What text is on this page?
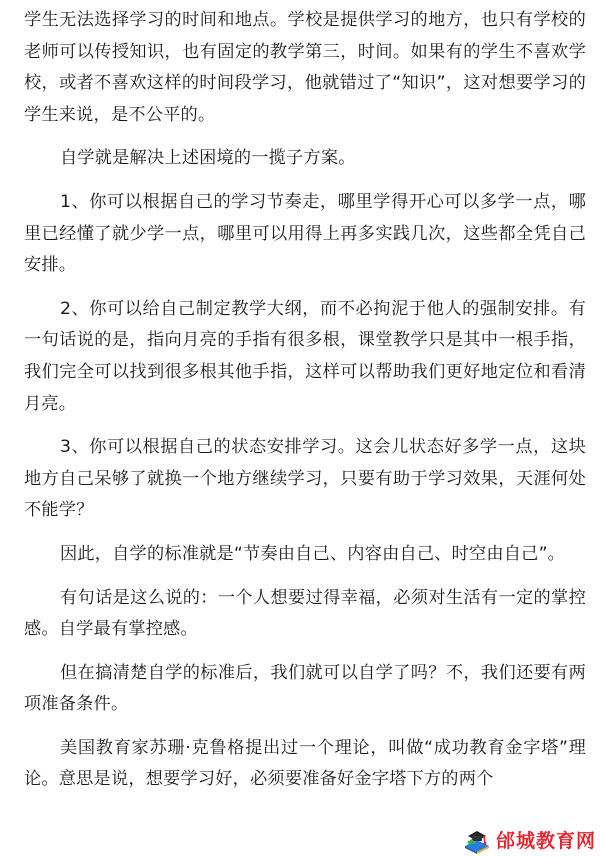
学生无法选择学习的时间和地点。学校是提供学习的地方，也只有学校的老师可以传授知识，也有固定的教学第三，时间。如果有的学生不喜欢学校，或者不喜欢这样的时间段学习，他就错过了“知识”，这对想要学习的学生来说，是不公平的。

自学就是解决上述困境的一揽子方案。

1、你可以根据自己的学习节奏走，哪里学得开心可以多学一点，哪里已经懂了就少学一点，哪里可以用得上再多实践几次，这些都全凭自己安排。

2、你可以给自己制定教学大纲，而不必拘泥于他人的强制安排。有一句话说的是，指向月亮的手指有很多根，课堂教学只是其中一根手指，我们完全可以找到很多根其他手指，这样可以帮助我们更好地定位和看清月亮。

3、你可以根据自己的状态安排学习。这会儿状态好多学一点，这块地方自己呆够了就换一个地方继续学习，只要有助于学习效果，天涯何处不能学？

因此，自学的标准就是“节奏由自己、内容由自己、时空由自己”。

有句话是这么说的：一个人想要过得幸福，必须对生活有一定的掌控感。自学最有掌控感。

但在搞清楚自学的标准后，我们就可以自学了吗？不，我们还要有两项准备条件。

美国教育家苏珊·克鲁格提出过一个理论，叫做“成功教育金字塔”理论。意思是说，想要学习好，必须要准备好金字塔下方的两个

邰城教育网
